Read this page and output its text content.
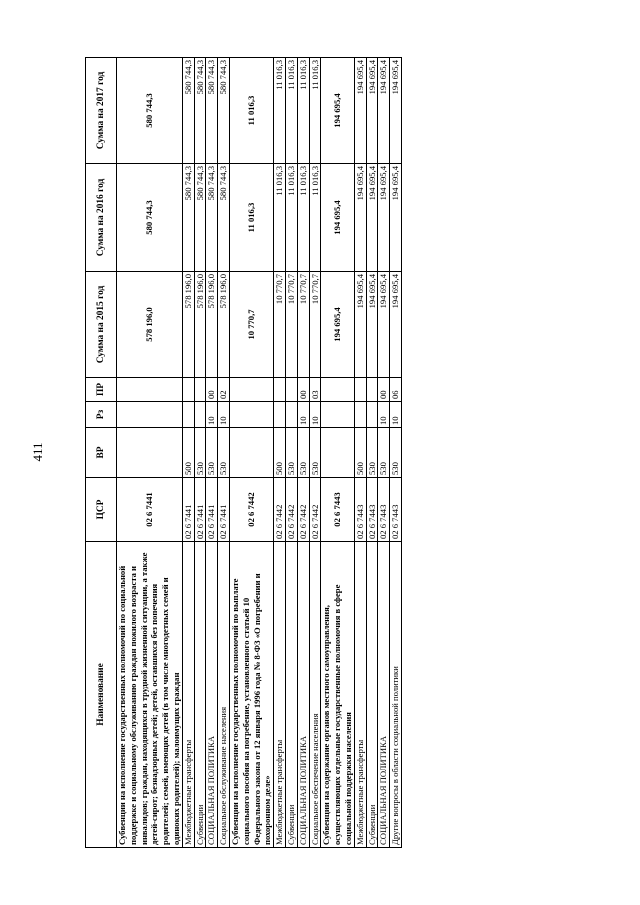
411
Наименование	ЦСР	ВР	Рз	ПР	Сумма на 2015 год	Сумма на 2016 год	Сумма на 2017 год
Субвенции на исполнение государственных полномочий по социальной поддержке и социальному обслуживанию граждан пожилого возраста и инвалидов; граждан, находящихся в трудной жизненной ситуации, а также детей-сирот; безнадзорных детей; детей, оставшихся без попечения родителей; семей, имеющих детей (в том числе многодетных семей и одиноких родителей); малоимущих граждан	02 6 7441				578 196,0	580 744,3	580 744,3
Межбюджетные трансферты	02 6 7441	500			578 196,0	580 744,3	580 744,3
Субвенции	02 6 7441	530			578 196,0	580 744,3	580 744,3
СОЦИАЛЬНАЯ ПОЛИТИКА	02 6 7441	530	10	00	578 196,0	580 744,3	580 744,3
Социальное обслуживание населения	02 6 7441	530	10	02	578 196,0	580 744,3	580 744,3
Субвенции на исполнение государственных полномочий по выплате социального пособия на погребение, установленного статьей 10 Федерального закона от 12 января 1996 года № 8-ФЗ «О погребении и похоронном деле»	02 6 7442				10 770,7	11 016,3	11 016,3
Межбюджетные трансферты	02 6 7442	500			10 770,7	11 016,3	11 016,3
Субвенции	02 6 7442	530			10 770,7	11 016,3	11 016,3
СОЦИАЛЬНАЯ ПОЛИТИКА	02 6 7442	530	10	00	10 770,7	11 016,3	11 016,3
Социальное обеспечение населения	02 6 7442	530	10	03	10 770,7	11 016,3	11 016,3
Субвенции на содержание органов местного самоуправления, осуществляющих отдельные государственные полномочия в сфере социальной поддержки населения	02 6 7443				194 695,4	194 695,4	194 695,4
Межбюджетные трансферты	02 6 7443	500			194 695,4	194 695,4	194 695,4
Субвенции	02 6 7443	530			194 695,4	194 695,4	194 695,4
СОЦИАЛЬНАЯ ПОЛИТИКА	02 6 7443	530	10	00	194 695,4	194 695,4	194 695,4
Другие вопросы в области социальной политики	02 6 7443	530	10	06	194 695,4	194 695,4	194 695,4
